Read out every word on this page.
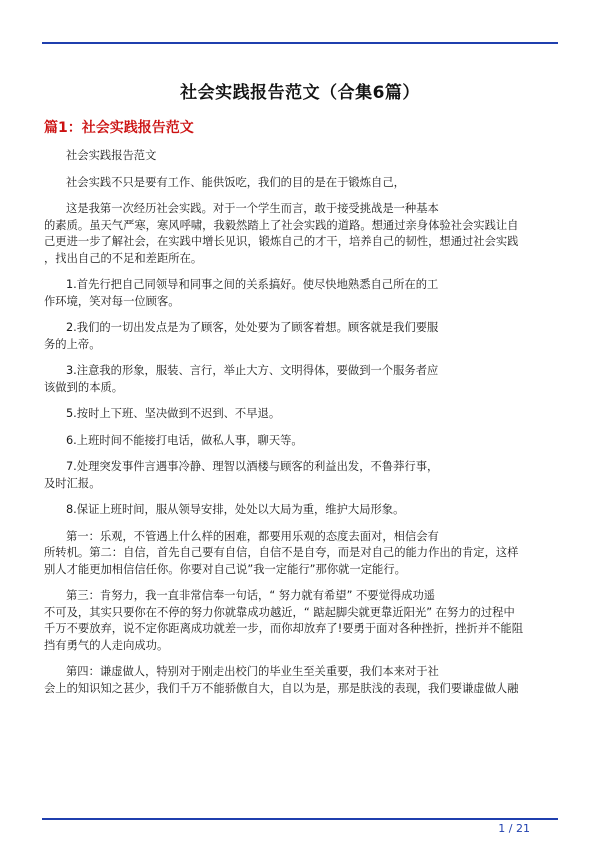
社会实践报告范文（合集6篇）
篇1：社会实践报告范文
社会实践报告范文
社会实践不只是要有工作、能供饭吃，我们的目的是在于锻炼自己，
这是我第一次经历社会实践。对于一个学生而言，敢于接受挑战是一种基本
的素质。虽天气严寒，寒风呼啸，我毅然踏上了社会实践的道路。想通过亲身体验社会实践让自
己更进一步了解社会，在实践中增长见识，锻炼自己的才干，培养自己的韧性，想通过社会实践
，找出自己的不足和差距所在。
1.首先行把自己同领导和同事之间的关系搞好。使尽快地熟悉自己所在的工
作环境，笑对每一位顾客。
2.我们的一切出发点是为了顾客，处处要为了顾客着想。顾客就是我们要服
务的上帝。
3.注意我的形象，服装、言行，举止大方、文明得体，要做到一个服务者应
该做到的本质。
5.按时上下班、坚决做到不迟到、不早退。
6.上班时间不能接打电话，做私人事，聊天等。
7.处理突发事件言遇事冷静、理智以酒楼与顾客的利益出发，不鲁莽行事，
及时汇报。
8.保证上班时间，服从领导安排，处处以大局为重，维护大局形象。
第一：乐观，不管遇上什么样的困难，都要用乐观的态度去面对，相信会有
所转机。第二：自信，首先自己要有自信，自信不是自夸，而是对自己的能力作出的肯定，这样
别人才能更加相信信任你。你要对自己说”我一定能行”那你就一定能行。
第三：肯努力，我一直非常信奉一句话，“ 努力就有希望” 不要觉得成功遥
不可及，其实只要你在不停的努力你就靠成功越近，“ 踮起脚尖就更靠近阳光” 在努力的过程中
千万不要放弃，说不定你距离成功就差一步，而你却放弃了!要勇于面对各种挫折，挫折并不能阻
挡有勇气的人走向成功。
第四：谦虚做人，特别对于刚走出校门的毕业生至关重要，我们本来对于社
会上的知识知之甚少，我们千万不能骄傲自大，自以为是，那是肤浅的表现，我们要谦虚做人融
1 / 21
